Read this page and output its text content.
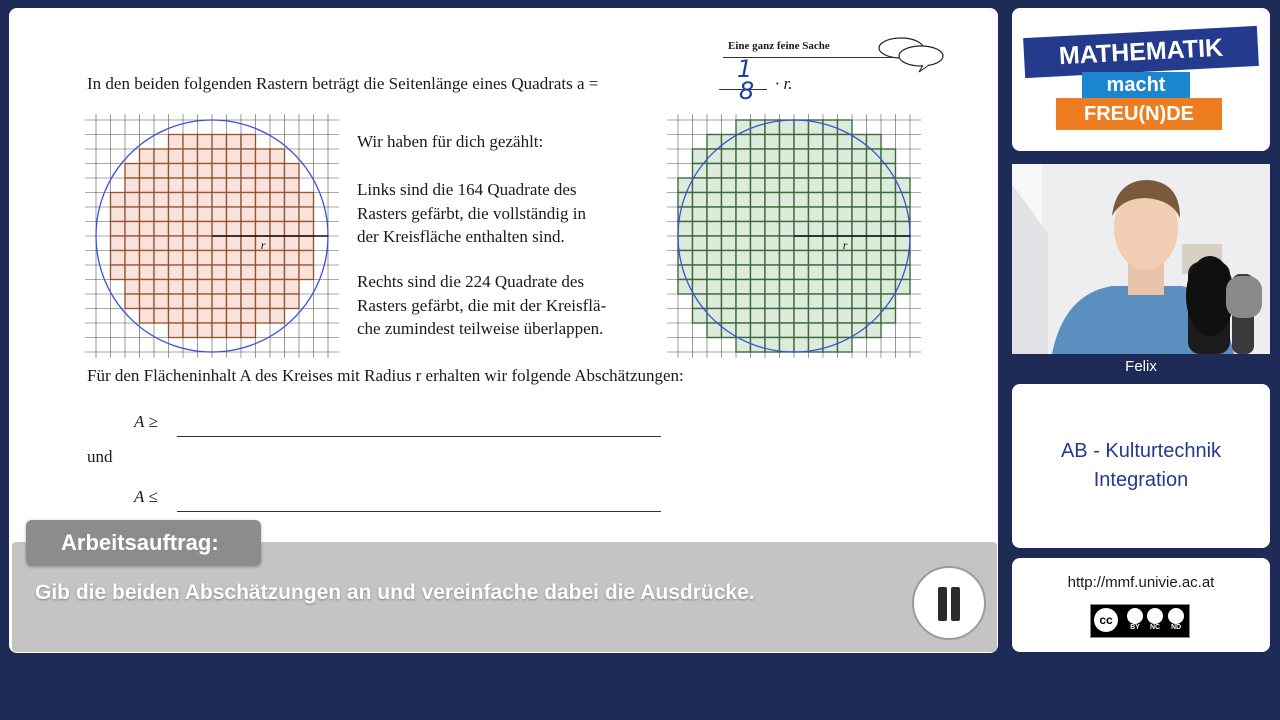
Eine ganz feine Sache
In den beiden folgenden Rastern beträgt die Seitenlänge eines Quadrats a =
1
8 · r.
r	r
Wir haben für dich gezählt:
Links sind die 164 Quadrate des
Rasters gefärbt, die vollständig in
der Kreisfläche enthalten sind.
Rechts sind die 224 Quadrate des
Rasters gefärbt, die mit der Kreisflä-
che zumindest teilweise überlappen.
Für den Flächeninhalt A des Kreises mit Radius r erhalten wir folgende Abschätzungen:
A ≥
und
A ≤
Arbeitsauftrag:
Gib die beiden Abschätzungen an und vereinfache dabei die Ausdrücke.
MATHEMATIK
macht
FREU(N)DE
Felix
AB - Kulturtechnik
Integration
http://mmf.univie.ac.at
cc
BY	NC	ND
